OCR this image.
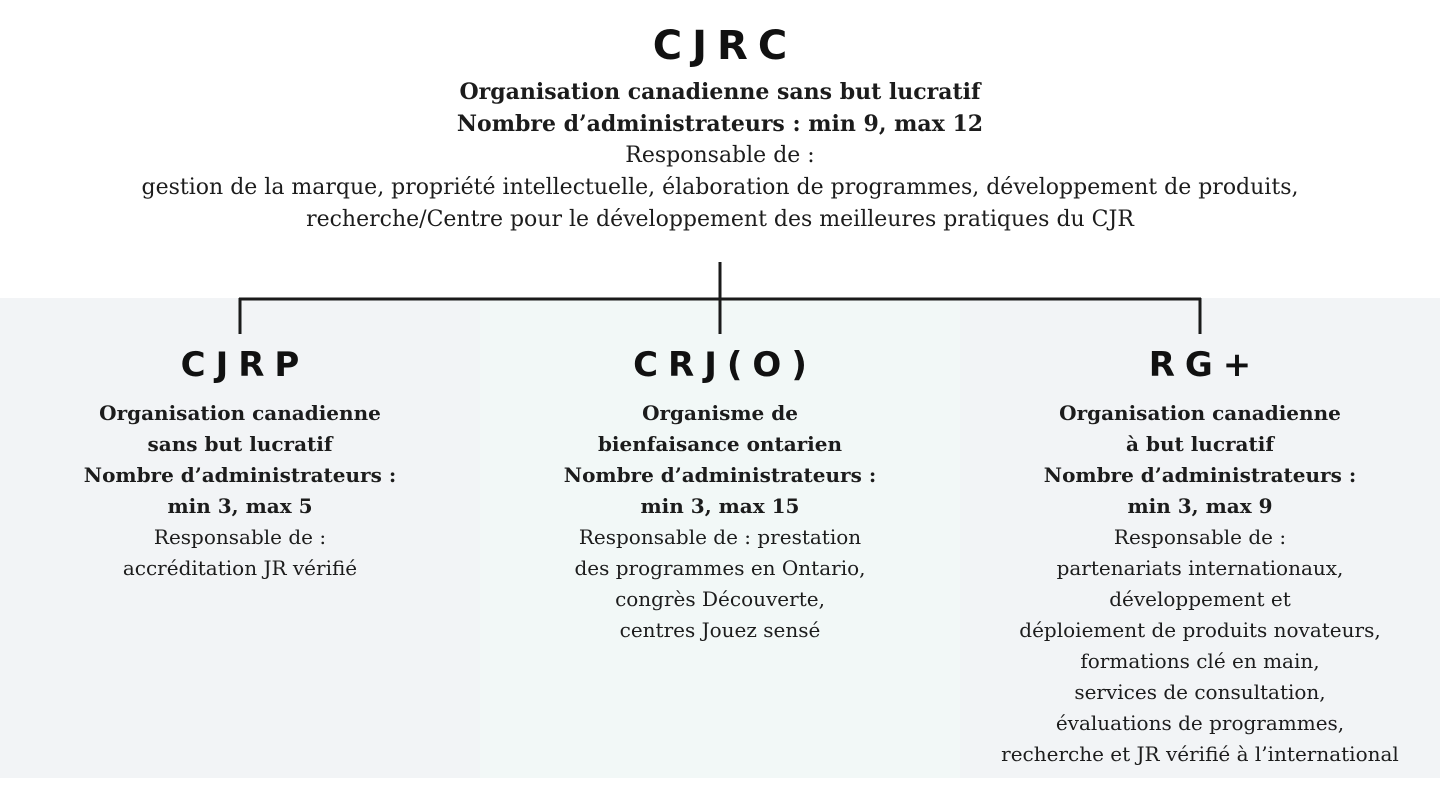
CJRC
Organisation canadienne sans but lucratif
Nombre d’administrateurs : min 9, max 12
Responsable de :
gestion de la marque, propriété intellectuelle, élaboration de programmes, développement de produits,
recherche/Centre pour le développement des meilleures pratiques du CJR
CJRP
Organisation canadienne
sans but lucratif
Nombre d’administrateurs :
min 3, max 5
Responsable de :
accréditation JR vérifié
CRJ(O)
Organisme de
bienfaisance ontarien
Nombre d’administrateurs :
min 3, max 15
Responsable de : prestation
des programmes en Ontario,
congrès Découverte,
centres Jouez sensé
RG+
Organisation canadienne
à but lucratif
Nombre d’administrateurs :
min 3, max 9
Responsable de :
partenariats internationaux,
développement et
déploiement de produits novateurs,
formations clé en main,
services de consultation,
évaluations de programmes,
recherche et JR vérifié à l’international
